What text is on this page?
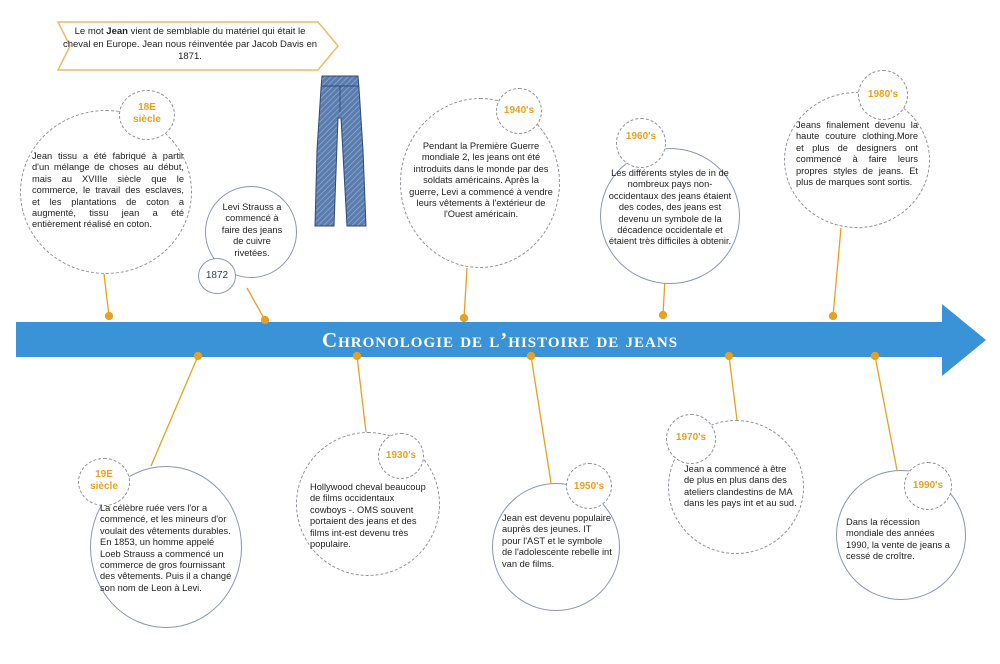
Le mot Jean vient de semblable du matériel qui était le cheval en Europe. Jean nous réinventée par Jacob Davis en 1871.
Chronologie de l’histoire de jeans
18E siècle
Jean tissu a été fabriqué à partir d'un mélange de choses au début, mais au XVIIIe siècle que le commerce, le travail des esclaves, et les plantations de coton a augmenté, tissu jean a été entièrement réalisé en coton.
1872
Levi Strauss a commencé à faire des jeans de cuivre rivetées.
1940's
Pendant la Première Guerre mondiale 2, les jeans ont été introduits dans le monde par des soldats américains. Après la guerre, Levi a commencé à vendre leurs vêtements à l'extérieur de l'Ouest américain.
1960's
Les différents styles de in de nombreux pays non-occidentaux des jeans étaient des codes, des jeans est devenu un symbole de la décadence occidentale et étaient très difficiles à obtenir.
1980's
Jeans finalement devenu la haute couture clothing.More et plus de designers ont commencé à faire leurs propres styles de jeans. Et plus de marques sont sortis.
19E siècle
La célèbre ruée vers l'or a commencé, et les mineurs d'or voulait des vêtements durables. En 1853, un homme appelé Loeb Strauss a commencé un commerce de gros fournissant des vêtements. Puis il a changé son nom de Leon à Levi.
1930's
Hollywood cheval beaucoup de films occidentaux cowboys -. OMS souvent portaient des jeans et des films int-est devenu très populaire.
1950's
Jean est devenu populaire auprès des jeunes. IT pour l'AST et le symbole de l'adolescente rebelle int van de films.
1970's
Jean a commencé à être de plus en plus dans des ateliers clandestins de MA dans les pays int et au sud.
1990's
Dans la récession mondiale des années 1990, la vente de jeans a cessé de croître.
